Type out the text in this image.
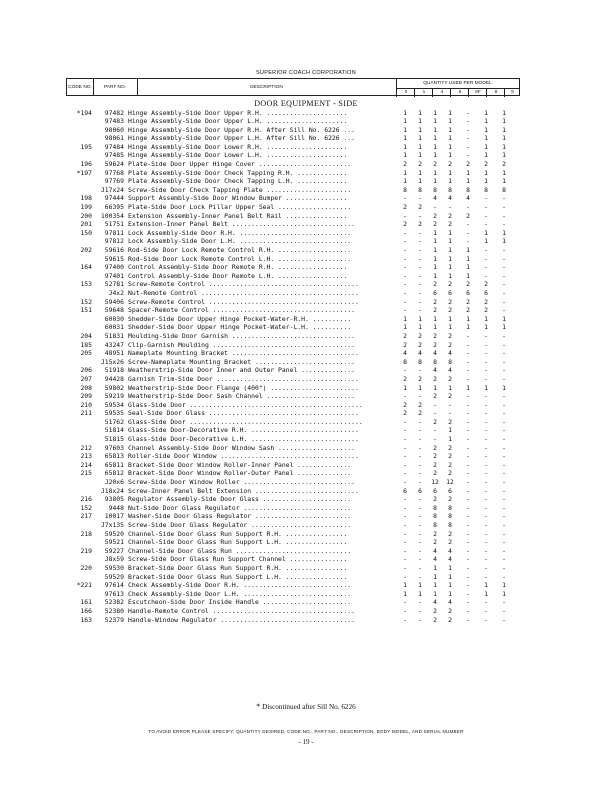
SUPERIOR COACH CORPORATION
CODE NO.	PART NO.	DESCRIPTION
QUANTITY USED PER MODEL
0	1	4	6	6F	8	9
DOOR EQUIPMENT - SIDE
*194	97482 Hinge Assembly-Side Door Upper R.H. .....................	1	1	1	1	-	1	1
97483 Hinge Assembly-Side Door Upper L.H. .....................	1	1	1	1	-	1	1
98060 Hinge Assembly-Side Door Upper R.H. After Sill No. 6226 ...	1	1	1	1	-	1	1
98061 Hinge Assembly-Side Door Upper L.H. After Sill No. 6226 ...	1	1	1	1	-	1	1
195	97484 Hinge Assembly-Side Door Lower R.H. .....................	1	1	1	1	-	1	1
97485 Hinge Assembly-Side Door Lower L.H. .....................	1	1	1	1	-	1	1
196	59624 Plate-Side Door Upper Hinge Cover ........................	2	2	2	2	2	2	2
*197	97768 Plate Assembly-Side Door Check Tapping R.H. .............	1	1	1	1	1	1	1
97769 Plate Assembly-Side Door Check Tapping L.H. .............	1	1	1	1	1	1	1
J17x24 Screw-Side Door Check Tapping Plate ......................	8	8	8	8	8	8	8
198	97444 Support Assembly-Side Door Window Bumper ................	-	-	4	4	4	-	-
199	66395 Plate-Side Door Lock Pillar Upper Seal ...................	2	2	-	-	-	-	-
200	100354 Extension Assembly-Inner Panel Belt Rail ................	-	-	2	2	2	-	-
201	51751 Extension-Inner Panel Belt ................................	2	2	2	2	-	-	-
150	97811 Lock Assembly-Side Door R.H. .............................	-	-	1	1	-	1	1
97812 Lock Assembly-Side Door L.H. .............................	-	-	1	1	-	1	1
202	59616 Rod-Side Door Lock Remote Control R.H. ...................	-	-	1	1	1	-	-
59615 Rod-Side Door Lock Remote Control L.H. ...................	-	-	1	1	1	-	-
164	97400 Control Assembly-Side Door Remote R.H. ..................	-	-	1	1	1	-	-
97401 Control Assembly-Side Door Remote L.H. ..................	-	-	1	1	1	-	-
153	52781 Screw-Remote Control .......................................	-	-	2	2	2	2	-
J4x2 Nut-Remote Control .........................................	-	-	6	6	6	6	-
152	59406 Screw-Remote Control .......................................	-	-	2	2	2	2	-
151	59648 Spacer-Remote Control .....................................	-	-	2	2	2	2	-
60030 Shedder-Side Door Upper Hinge Pocket-Water-R.H. ..........	1	1	1	1	1	1	1
60031 Shedder-Side Door Upper Hinge Pocket-Water-L.H. ..........	1	1	1	1	1	1	1
204	51831 Moulding-Side Door Garnish ................................	2	2	2	2	-	-	-
185	43247 Clip-Garnish Moulding .....................................	2	2	2	2	-	-	-
205	48951 Nameplate Mounting Bracket .................................	4	4	4	4	-	-	-
J15x26 Screw-Nameplate Mounting Bracket ..........................	8	8	8	8	-	-	-
206	51918 Weatherstrip-Side Door Inner and Outer Panel ..............	-	-	4	4	-	-	-
207	94428 Garnish Trim-Side Door .....................................	2	2	2	2	-	-	-
208	59802 Weatherstrip-Side Door Flange (400") .......................	1	1	1	1	1	1	1
209	59219 Weatherstrip-Side Door Sash Channel .......................	-	-	2	2	-	-	-
210	59534 Glass-Side Door .............................................	2	2	-	-	-	-	-
211	59535 Seal-Side Door Glass .......................................	2	2	-	-	-	-	-
51762 Glass-Side Door .............................................	-	-	2	2	-	-	-
51814 Glass-Side Door-Decorative R.H. ............................	-	-	-	1	-	-	-
51815 Glass-Side Door-Decorative L.H. ............................	-	-	-	1	-	-	-
212	97603 Channel Assembly-Side Door Window Sash ....................	-	-	2	2	-	-	-
213	65813 Roller-Side Door Window ....................................	-	-	2	2	-	-	-
214	65811 Bracket-Side Door Window Roller-Inner Panel ..............	-	-	2	2	-	-	-
215	65812 Bracket-Side Door Window Roller-Outer Panel ..............	-	-	2	2	-	-	-
J20x6 Screw-Side Door Window Roller .............................	-	-	12	12	-	-	-
J18x24 Screw-Inner Panel Belt Extension ...........................	6	6	6	6	-	-	-
216	93805 Regulator Assembly-Side Door Glass .......................	-	-	2	2	-	-	-
152	9448 Nut-Side Door Glass Regulator ............................	-	-	8	8	-	-	-
217	10017 Washer-Side Door Glass Regulator .........................	-	-	8	8	-	-	-
J7x135 Screw-Side Door Glass Regulator ..........................	-	-	8	8	-	-	-
218	59520 Channel-Side Door Glass Run Support R.H. ................	-	-	2	2	-	-	-
59521 Channel-Side Door Glass Run Support L.H. ................	-	-	2	2	-	-	-
219	59227 Channel-Side Door Glass Run ..............................	-	-	4	4	-	-	-
J8x59 Screw-Side Door Glass Run Support Channel ...............	-	-	4	4	-	-	-
220	59530 Bracket-Side Door Glass Run Support R.H. ................	-	-	1	1	-	-	-
59529 Bracket-Side Door Glass Run Support L.H. ................	-	-	1	1	-	-	-
*221	97614 Check Assembly-Side Door R.H. ............................	1	1	1	1	-	1	1
97613 Check Assembly-Side Door L.H. ............................	1	1	1	1	-	1	1
161	52382 Escutcheon-Side Door Inside Handle .......................	-	-	4	4	-	-	-
166	52380 Handle-Remote Control .....................................	-	-	2	2	-	-	-
163	52379 Handle-Window Regulator ...................................	-	-	2	2	-	-	-
* Discontinued after Sill No. 6226
TO AVOID ERROR PLEASE SPECIFY; QUANTITY DESIRED, CODE NO., PART NO., DESCRIPTION, BODY MODEL, AND SERIAL NUMBER
- 19 -
